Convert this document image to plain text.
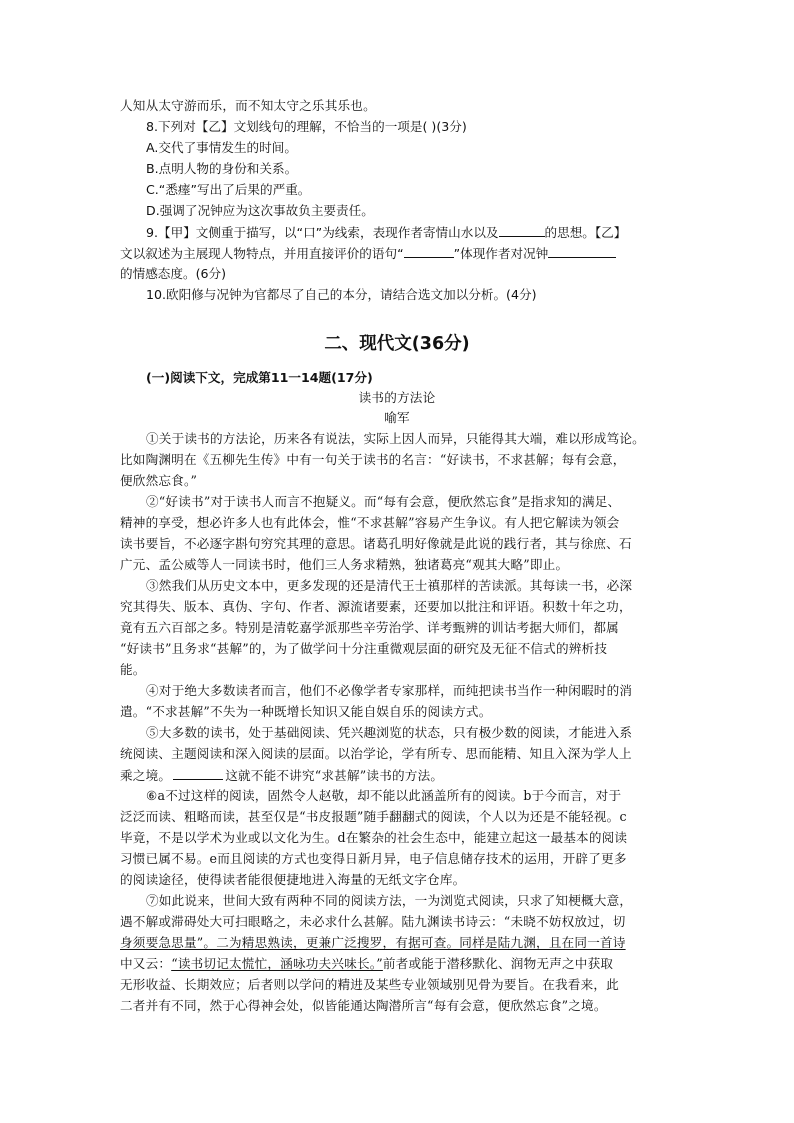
人知从太守游而乐，而不知太守之乐其乐也。
8.下列对【乙】文划线句的理解，不恰当的一项是( )(3分)
A.交代了事情发生的时间。
B.点明人物的身份和关系。
C.“悉瘗”写出了后果的严重。
D.强调了况钟应为这次事故负主要责任。
9.【甲】文侧重于描写，以“口”为线索，表现作者寄情山水以及	的思想。【乙】
文以叙述为主展现人物特点，并用直接评价的语句“	”体现作者对况钟
的情感态度。(6分)
10.欧阳修与况钟为官都尽了自己的本分，请结合选文加以分析。(4分)
二、现代文(36分)
(一)阅读下文，完成第11一14题(17分)
读书的方法论
喻军
①关于读书的方法论，历来各有说法，实际上因人而异，只能得其大端，难以形成笃论。
比如陶渊明在《五柳先生传》中有一句关于读书的名言：“好读书，不求甚解；每有会意，
便欣然忘食。”
②“好读书”对于读书人而言不抱疑义。而“每有会意，便欣然忘食”是指求知的满足、
精神的享受，想必许多人也有此体会，惟“不求甚解”容易产生争议。有人把它解读为领会
读书要旨，不必逐字斟句穷究其理的意思。诸葛孔明好像就是此说的践行者，其与徐庶、石
广元、孟公威等人一同读书时，他们三人务求精熟，独诸葛亮“观其大略”即止。
③然我们从历史文本中，更多发现的还是清代王士禛那样的苦读派。其每读一书，必深
究其得失、版本、真伪、字句、作者、源流诸要素，还要加以批注和评语。积数十年之功，
竟有五六百部之多。特别是清乾嘉学派那些辛劳治学、详考甄辨的训诂考据大师们，都属
“好读书”且务求“甚解”的，为了做学问十分注重微观层面的研究及无征不信式的辨析技
能。
④对于绝大多数读者而言，他们不必像学者专家那样，而纯把读书当作一种闲暇时的消
遣。“不求甚解”不失为一种既增长知识又能自娱自乐的阅读方式。
⑤大多数的读书，处于基础阅读、凭兴趣浏览的状态，只有极少数的阅读，才能进入系
统阅读、主题阅读和深入阅读的层面。以治学论，学有所专、思而能精、知且入深为学人上
乘之境。	这就不能不讲究“求甚解”读书的方法。
⑥a不过这样的阅读，固然令人赵敬，却不能以此涵盖所有的阅读。b于今而言，对于
泛泛而读、粗略而读，甚至仅是“书皮报题”随手翻翻式的阅读，个人以为还是不能轻视。c
毕竟，不是以学术为业或以文化为生。d在繁杂的社会生态中，能建立起这一最基本的阅读
习惯已属不易。e而且阅读的方式也变得日新月异，电子信息储存技术的运用，开辟了更多
的阅读途径，使得读者能很便捷地进入海量的无纸文字仓库。
⑦如此说来，世间大致有两种不同的阅读方法，一为浏览式阅读，只求了知梗概大意，
遇不解或滞碍处大可扫眼略之，未必求什么甚解。陆九渊读书诗云：“未晓不妨权放过，切
身须要急思量”。二为精思熟读，更兼广泛搜罗，有据可查。同样是陆九渊，且在同一首诗
中又云：“读书切记太慌忙，涵咏功夫兴味长。”前者或能于潜移默化、润物无声之中获取
无形收益、长期效应；后者则以学问的精进及某些专业领域别见骨为要旨。在我看来，此
二者并有不同，然于心得神会处，似皆能通达陶潜所言“每有会意，便欣然忘食”之境。
